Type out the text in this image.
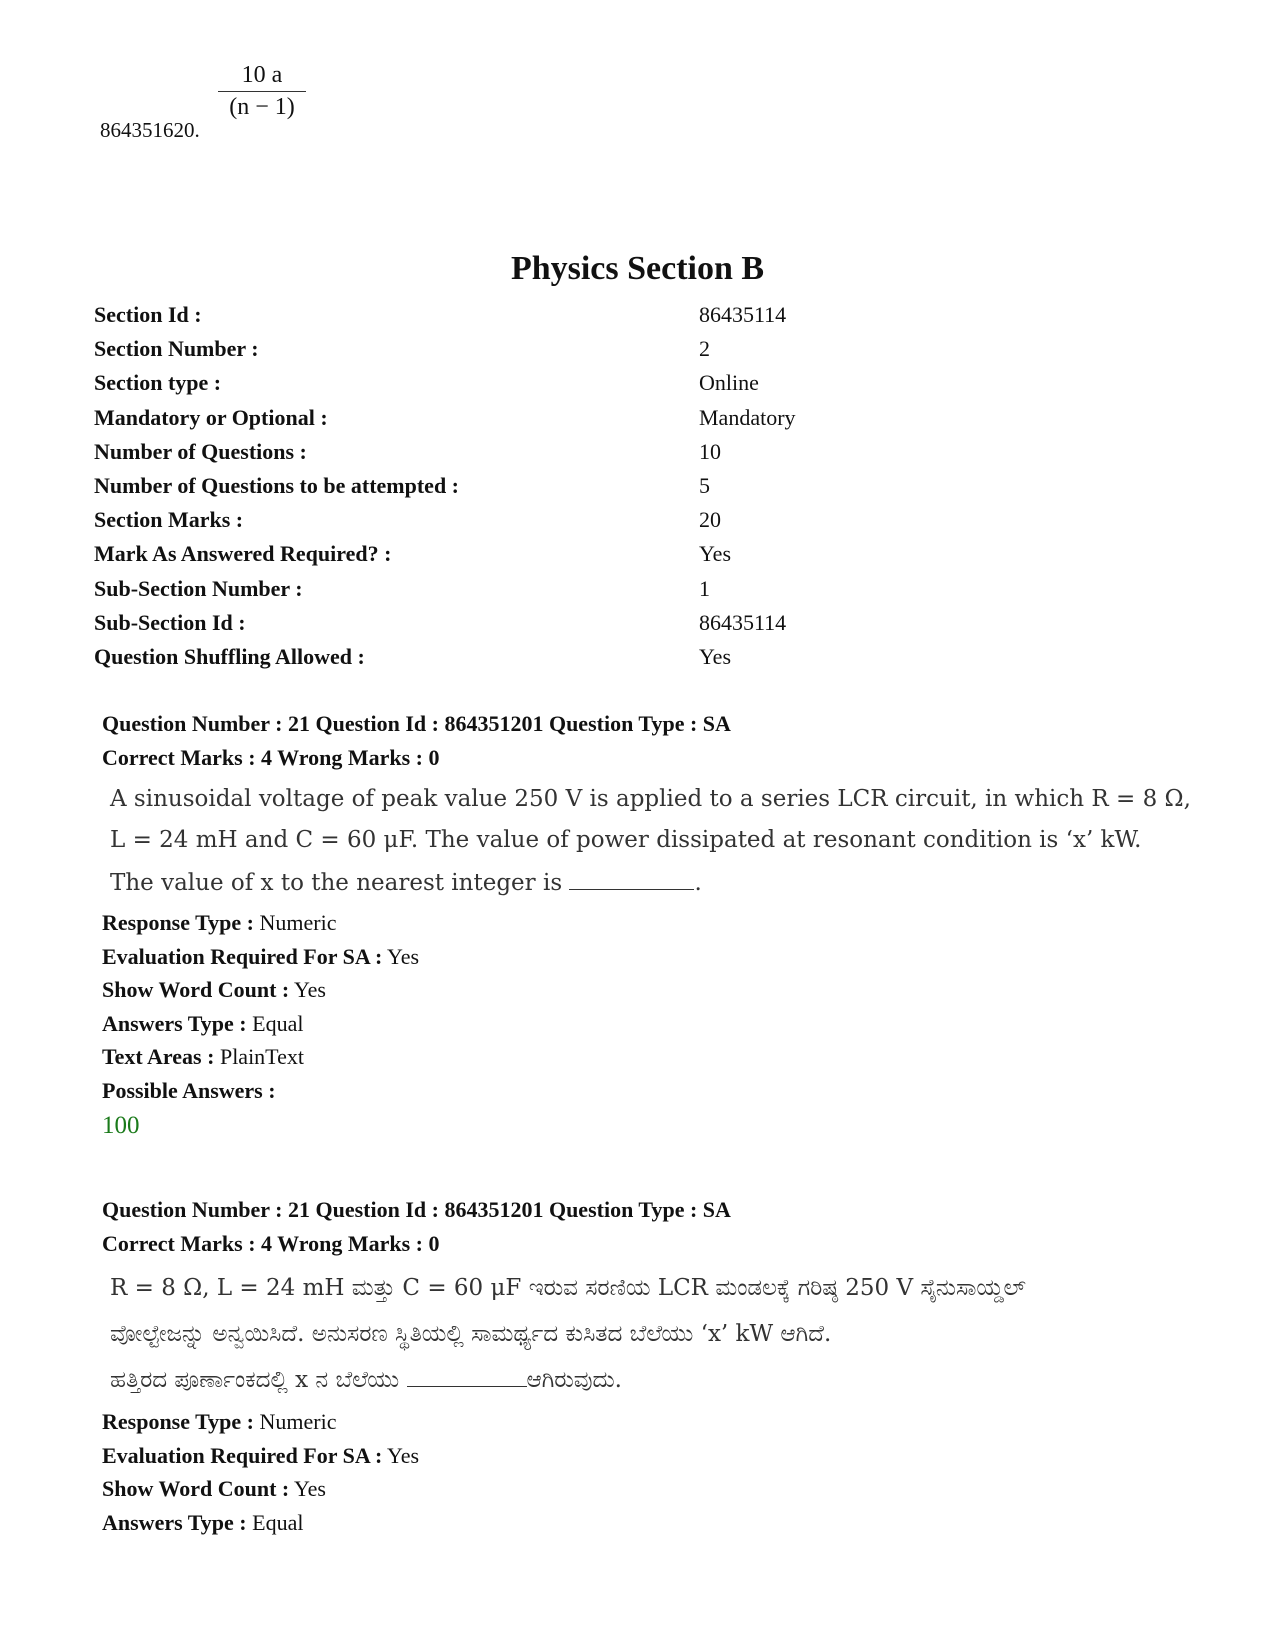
864351620.
$\frac{10 a}{(n - 1)}$
Physics Section B
Section Id :	86435114
Section Number :	2
Section type :	Online
Mandatory or Optional :	Mandatory
Number of Questions :	10
Number of Questions to be attempted :	5
Section Marks :	20
Mark As Answered Required? :	Yes
Sub-Section Number :	1
Sub-Section Id :	86435114
Question Shuffling Allowed :	Yes
Question Number : 21 Question Id : 864351201 Question Type : SA
Correct Marks : 4 Wrong Marks : 0
A sinusoidal voltage of peak value 250 V is applied to a series LCR circuit, in which R = 8 Ω,
L = 24 mH and C = 60 μF. The value of power dissipated at resonant condition is ‘x’ kW.
The value of x to the nearest integer is	.
Response Type : Numeric
Evaluation Required For SA : Yes
Show Word Count : Yes
Answers Type : Equal
Text Areas : PlainText
Possible Answers :
100
Question Number : 21 Question Id : 864351201 Question Type : SA
Correct Marks : 4 Wrong Marks : 0
R = 8 Ω, L = 24 mH ಮತ್ತು C = 60 μF ಇರುವ ಸರಣಿಯ LCR ಮಂಡಲಕ್ಕೆ ಗರಿಷ್ಠ 250 V ಸೈನುಸಾಯ್ಡಲ್
ವೋಲ್ಟೇಜನ್ನು ಅನ್ವಯಿಸಿದೆ. ಅನುಸರಣ ಸ್ಥಿತಿಯಲ್ಲಿ ಸಾಮರ್ಥ್ಯದ ಕುಸಿತದ ಬೆಲೆಯು ‘x’ kW ಆಗಿದೆ.
ಹತ್ತಿರದ ಪೂರ್ಣಾಂಕದಲ್ಲಿ x ನ ಬೆಲೆಯು	ಆಗಿರುವುದು.
Response Type : Numeric
Evaluation Required For SA : Yes
Show Word Count : Yes
Answers Type : Equal
